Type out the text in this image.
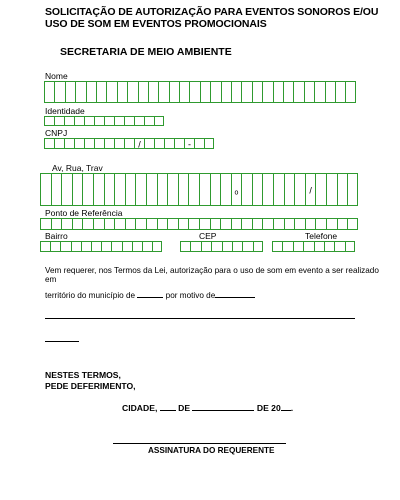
SOLICITAÇÃO DE AUTORIZAÇÃO PARA EVENTOS SONOROS E/OU USO DE SOM EM EVENTOS PROMOCIONAIS
SECRETARIA DE MEIO AMBIENTE
Nome
Identidade
CNPJ
/	-
Av, Rua, Trav
o	/
Ponto de Referência
Bairro	CEP	Telefone
Vem requerer, nos Termos da Lei, autorização para o uso de som em evento a ser realizado em
território do município de	por motivo de
NESTES TERMOS,
PEDE DEFERIMENTO,
CIDADE, DE	DE 20 .
ASSINATURA DO REQUERENTE
